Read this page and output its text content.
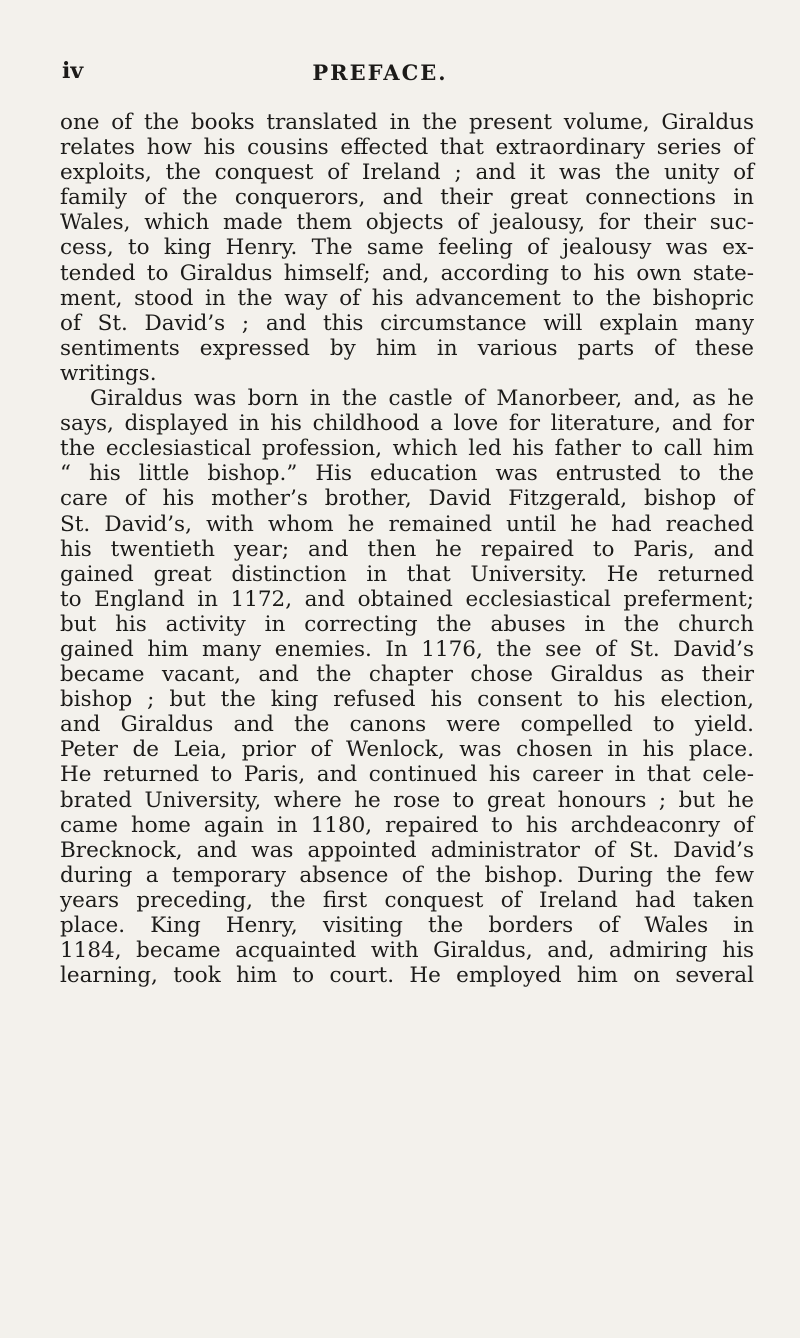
iv	PREFACE.
one of the books translated in the present volume, Giraldus
relates how his cousins effected that extraordinary series of
exploits, the conquest of Ireland ; and it was the unity of
family of the conquerors, and their great connections in
Wales, which made them objects of jealousy, for their suc-
cess, to king Henry. The same feeling of jealousy was ex-
tended to Giraldus himself; and, according to his own state-
ment, stood in the way of his advancement to the bishopric
of St. David’s ; and this circumstance will explain many
sentiments expressed by him in various parts of these
writings.
Giraldus was born in the castle of Manorbeer, and, as he
says, displayed in his childhood a love for literature, and for
the ecclesiastical profession, which led his father to call him
“ his little bishop.” His education was entrusted to the
care of his mother’s brother, David Fitzgerald, bishop of
St. David’s, with whom he remained until he had reached
his twentieth year; and then he repaired to Paris, and
gained great distinction in that University. He returned
to England in 1172, and obtained ecclesiastical preferment;
but his activity in correcting the abuses in the church
gained him many enemies. In 1176, the see of St. David’s
became vacant, and the chapter chose Giraldus as their
bishop ; but the king refused his consent to his election,
and Giraldus and the canons were compelled to yield.
Peter de Leia, prior of Wenlock, was chosen in his place.
He returned to Paris, and continued his career in that cele-
brated University, where he rose to great honours ; but he
came home again in 1180, repaired to his archdeaconry of
Brecknock, and was appointed administrator of St. David’s
during a temporary absence of the bishop. During the few
years preceding, the first conquest of Ireland had taken
place. King Henry, visiting the borders of Wales in
1184, became acquainted with Giraldus, and, admiring his
learning, took him to court. He employed him on several
